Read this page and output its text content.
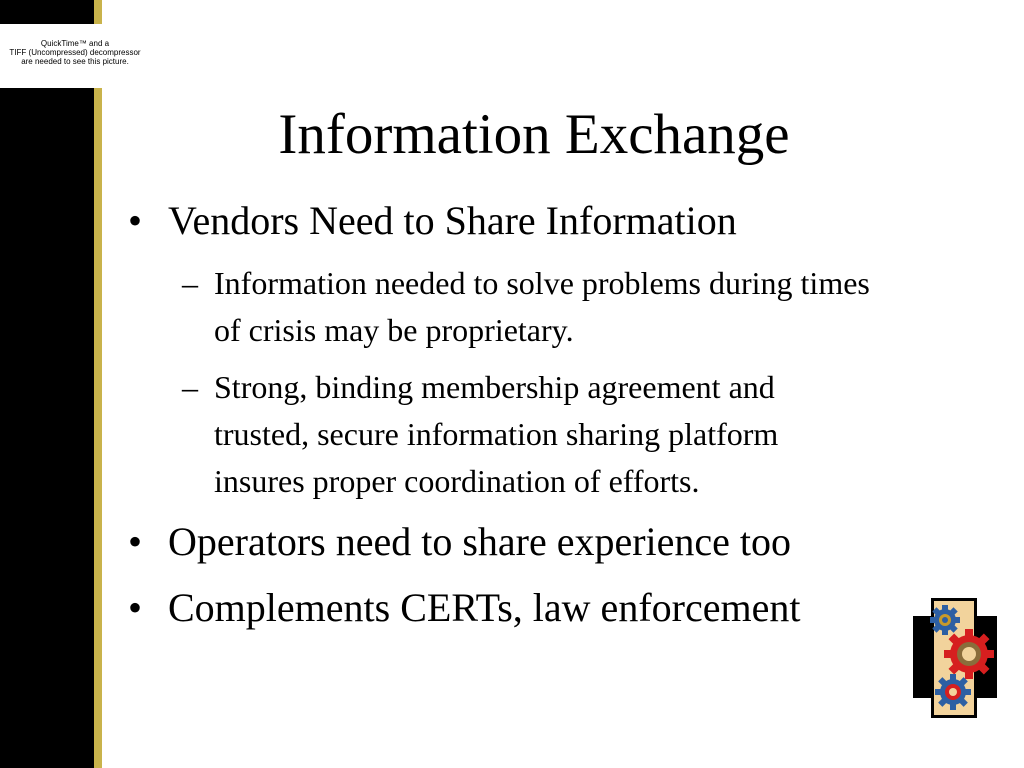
QuickTime™ and a
TIFF (Uncompressed) decompressor
are needed to see this picture.
Information Exchange
• Vendors Need to Share Information
– Information needed to solve problems during times of crisis may be proprietary.
– Strong, binding membership agreement and trusted, secure information sharing platform insures proper coordination of efforts.
• Operators need to share experience too
• Complements CERTs, law enforcement
